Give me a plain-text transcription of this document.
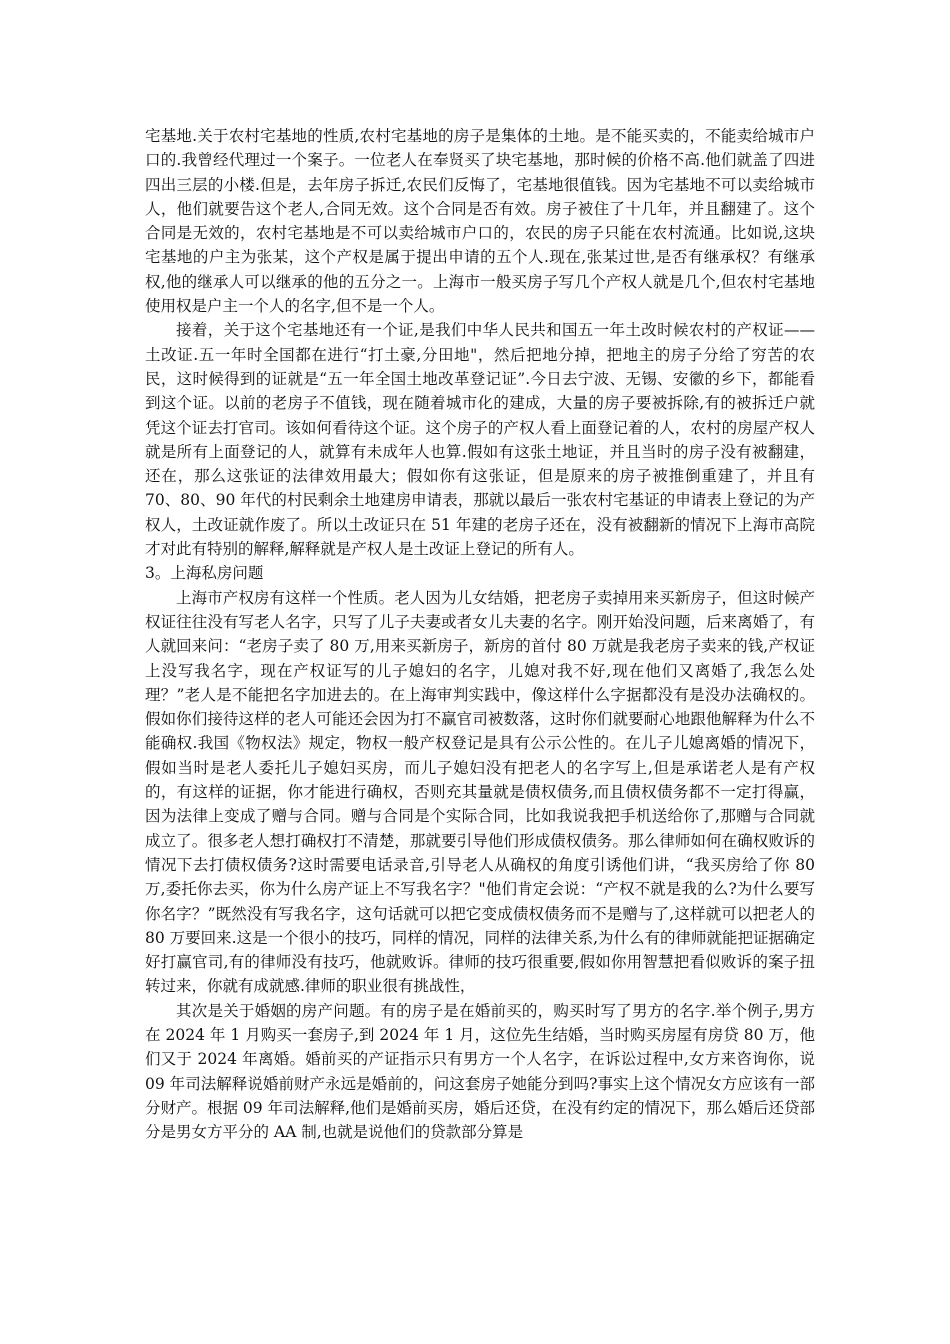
宅基地.关于农村宅基地的性质,农村宅基地的房子是集体的土地。是不能买卖的，不能卖给城市户口的.我曾经代理过一个案子。一位老人在奉贤买了块宅基地，那时候的价格不高.他们就盖了四进四出三层的小楼.但是，去年房子拆迁,农民们反悔了，宅基地很值钱。因为宅基地不可以卖给城市人，他们就要告这个老人,合同无效。这个合同是否有效。房子被住了十几年，并且翻建了。这个合同是无效的，农村宅基地是不可以卖给城市户口的，农民的房子只能在农村流通。比如说,这块宅基地的户主为张某，这个产权是属于提出申请的五个人.现在,张某过世,是否有继承权？有继承权,他的继承人可以继承的他的五分之一。上海市一般买房子写几个产权人就是几个,但农村宅基地使用权是户主一个人的名字,但不是一个人。

接着，关于这个宅基地还有一个证,是我们中华人民共和国五一年土改时候农村的产权证——土改证.五一年时全国都在进行“打土豪,分田地"，然后把地分掉，把地主的房子分给了穷苦的农民，这时候得到的证就是“五一年全国土地改革登记证”.今日去宁波、无锡、安徽的乡下，都能看到这个证。以前的老房子不值钱，现在随着城市化的建成，大量的房子要被拆除,有的被拆迁户就凭这个证去打官司。该如何看待这个证。这个房子的产权人看上面登记着的人，农村的房屋产权人就是所有上面登记的人，就算有未成年人也算.假如有这张土地证，并且当时的房子没有被翻建，还在，那么这张证的法律效用最大；假如你有这张证，但是原来的房子被推倒重建了，并且有 70、80、90 年代的村民剩余土地建房申请表，那就以最后一张农村宅基证的申请表上登记的为产权人，土改证就作废了。所以土改证只在 51 年建的老房子还在，没有被翻新的情况下上海市高院才对此有特别的解释,解释就是产权人是土改证上登记的所有人。

3。上海私房问题

上海市产权房有这样一个性质。老人因为儿女结婚，把老房子卖掉用来买新房子，但这时候产权证往往没有写老人名字，只写了儿子夫妻或者女儿夫妻的名字。刚开始没问题，后来离婚了，有人就回来问：“老房子卖了 80 万,用来买新房子，新房的首付 80 万就是我老房子卖来的钱,产权证上没写我名字，现在产权证写的儿子媳妇的名字，儿媳对我不好,现在他们又离婚了,我怎么处理？”老人是不能把名字加进去的。在上海审判实践中，像这样什么字据都没有是没办法确权的。假如你们接待这样的老人可能还会因为打不赢官司被数落，这时你们就要耐心地跟他解释为什么不能确权.我国《物权法》规定，物权一般产权登记是具有公示公性的。在儿子儿媳离婚的情况下，假如当时是老人委托儿子媳妇买房，而儿子媳妇没有把老人的名字写上,但是承诺老人是有产权的，有这样的证据，你才能进行确权，否则充其量就是债权债务,而且债权债务都不一定打得赢，因为法律上变成了赠与合同。赠与合同是个实际合同，比如我说我把手机送给你了,那赠与合同就成立了。很多老人想打确权打不清楚，那就要引导他们形成债权债务。那么律师如何在确权败诉的情况下去打债权债务?这时需要电话录音,引导老人从确权的角度引诱他们讲，“我买房给了你 80 万,委托你去买，你为什么房产证上不写我名字？"他们肯定会说：“产权不就是我的么?为什么要写你名字？”既然没有写我名字，这句话就可以把它变成债权债务而不是赠与了,这样就可以把老人的 80 万要回来.这是一个很小的技巧，同样的情况，同样的法律关系,为什么有的律师就能把证据确定好打赢官司,有的律师没有技巧，他就败诉。律师的技巧很重要,假如你用智慧把看似败诉的案子扭转过来，你就有成就感.律师的职业很有挑战性，

其次是关于婚姻的房产问题。有的房子是在婚前买的，购买时写了男方的名字.举个例子,男方在 2024 年 1 月购买一套房子,到 2024 年 1 月，这位先生结婚，当时购买房屋有房贷 80 万，他们又于 2024 年离婚。婚前买的产证指示只有男方一个人名字，在诉讼过程中,女方来咨询你，说 09 年司法解释说婚前财产永远是婚前的，问这套房子她能分到吗?事实上这个情况女方应该有一部分财产。根据 09 年司法解释,他们是婚前买房，婚后还贷，在没有约定的情况下，那么婚后还贷部分是男女方平分的 AA 制,也就是说他们的贷款部分算是
